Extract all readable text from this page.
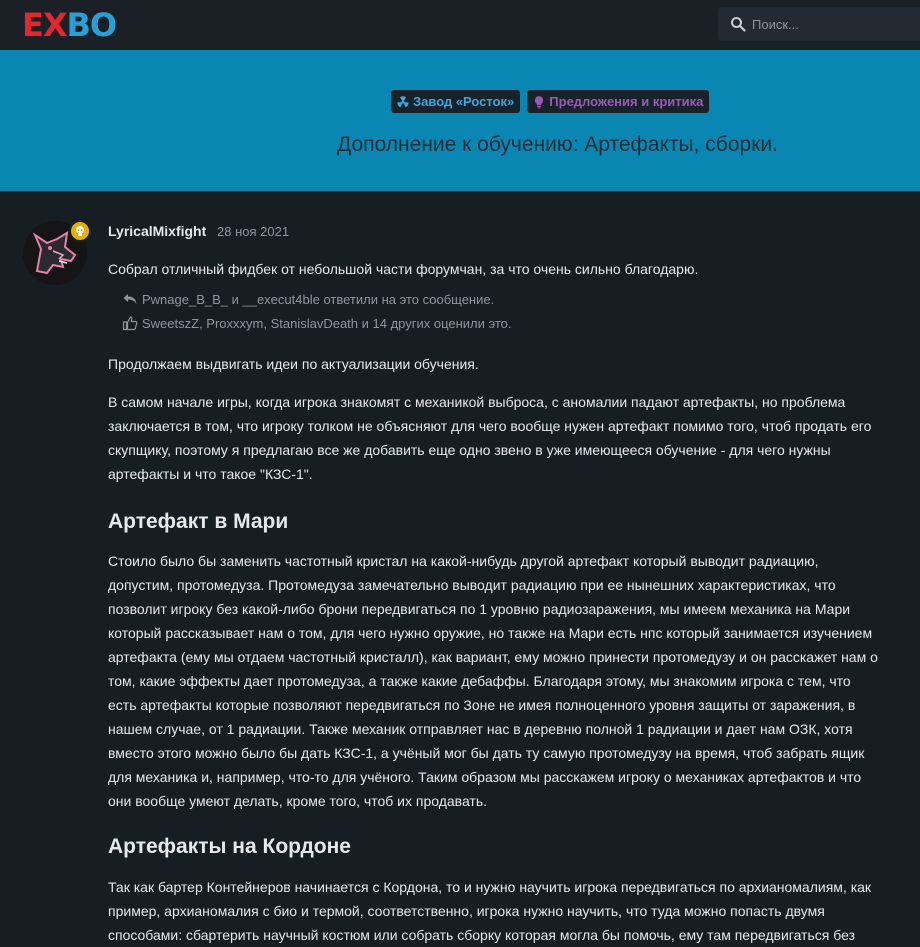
E X BO	Поиск...
Завод «Росток»	Предложения и критика
Дополнение к обучению: Артефакты, сборки.
LyricalMixfight 28 ноя 2021
Собрал отличный фидбек от небольшой части форумчан, за что очень сильно благодарю.
Pwnage_B_B_ и __execut4ble ответили на это сообщение.
SweetszZ, Proxxxym, StanislavDeath и 14 других оценили это.
Продолжаем выдвигать идеи по актуализации обучения.
В самом начале игры, когда игрока знакомят с механикой выброса, с аномалии падают артефакты, но проблема заключается в том, что игроку толком не объясняют для чего вообще нужен артефакт помимо того, чтоб продать его скупщику, поэтому я предлагаю все же добавить еще одно звено в уже имеющееся обучение - для чего нужны артефакты и что такое "КЗС-1".
Артефакт в Мари
Стоило было бы заменить частотный кристал на какой-нибудь другой артефакт который выводит радиацию, допустим, протомедуза. Протомедуза замечательно выводит радиацию при ее нынешних характеристиках, что позволит игроку без какой-либо брони передвигаться по 1 уровню радиозаражения, мы имеем механика на Мари который рассказывает нам о том, для чего нужно оружие, но также на Мари есть нпс который занимается изучением артефакта (ему мы отдаем частотный кристалл), как вариант, ему можно принести протомедузу и он расскажет нам о том, какие эффекты дает протомедуза, а также какие дебаффы. Благодаря этому, мы знакомим игрока с тем, что есть артефакты которые позволяют передвигаться по Зоне не имея полноценного уровня защиты от заражения, в нашем случае, от 1 радиации. Также механик отправляет нас в деревню полной 1 радиации и дает нам ОЗК, хотя вместо этого можно было бы дать КЗС-1, а учёный мог бы дать ту самую протомедузу на время, чтоб забрать ящик для механика и, например, что-то для учёного. Таким образом мы расскажем игроку о механиках артефактов и что они вообще умеют делать, кроме того, чтоб их продавать.
Артефакты на Кордоне
Так как бартер Контейнеров начинается с Кордона, то и нужно научить игрока передвигаться по архианомалиям, как пример, архианомалия с био и термой, соответственно, игрока нужно научить, что туда можно попасть двумя способами: сбартерить научный костюм или собрать сборку которая могла бы помочь, ему там передвигаться без
